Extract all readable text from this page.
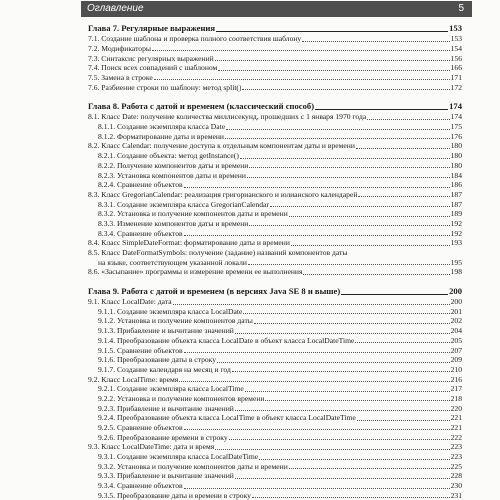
Оглавление	5
Глава 7. Регулярные выражения	153
7.1. Создание шаблона и проверка полного соответствия шаблону	153
7.2. Модификаторы	154
7.3. Синтаксис регулярных выражений	156
7.4. Поиск всех совпадений с шаблоном	166
7.5. Замена в строке	171
7.6. Разбиение строки по шаблону: метод split()	172
Глава 8. Работа с датой и временем (классический способ)	174
8.1. Класс Date: получение количества миллисекунд, прошедших с 1 января 1970 года	174
8.1.1. Создание экземпляра класса Date	175
8.1.2. Форматирование даты и времени	176
8.2. Класс Calendar: получение доступа к отдельным компонентам даты и времени	180
8.2.1. Создание объекта: метод getInstance()	180
8.2.2. Получение компонентов даты и времени	180
8.2.3. Установка компонентов даты и времени	184
8.2.4. Сравнение объектов	186
8.3. Класс GregorianCalendar: реализация григорианского и юлианского календарей	187
8.3.1. Создание экземпляра класса GregorianCalendar	187
8.3.2. Установка и получение компонентов даты и времени	189
8.3.3. Изменение компонентов даты и времени	192
8.3.4. Сравнение объектов	192
8.4. Класс SimpleDateFormat: форматирование даты и времени	193
8.5. Класс DateFormatSymbols: получение (задание) названий компонентов даты
на языке, соответствующем указанной локали	195
8.6. «Засыпание» программы и измерение времени ее выполнения	198
Глава 9. Работа с датой и временем (в версиях Java SE 8 и выше)	200
9.1. Класс LocalDate: дата	200
9.1.1. Создание экземпляра класса LocalDate	201
9.1.2. Установка и получение компонентов даты	202
9.1.3. Прибавление и вычитание значений	204
9.1.4. Преобразование объекта класса LocalDate в объект класса LocalDateTime	205
9.1.5. Сравнение объектов	207
9.1.6. Преобразование даты в строку	209
9.1.7. Создание календаря на месяц и год	210
9.2. Класс LocalTime: время	216
9.2.1. Создание экземпляра класса LocalTime	217
9.2.2. Установка и получение компонентов времени	218
9.2.3. Прибавление и вычитание значений	220
9.2.4. Преобразование объекта класса LocalTime в объект класса LocalDateTime	221
9.2.5. Сравнение объектов	221
9.2.6. Преобразование времени в строку	222
9.3. Класс LocalDateTime: дата и время	223
9.3.1. Создание экземпляра класса LocalDateTime	223
9.3.2. Установка и получение компонентов даты и времени	225
9.3.3. Прибавление и вычитание значений	228
9.3.4. Сравнение объектов	230
9.3.5. Преобразование даты и времени в строку	231
